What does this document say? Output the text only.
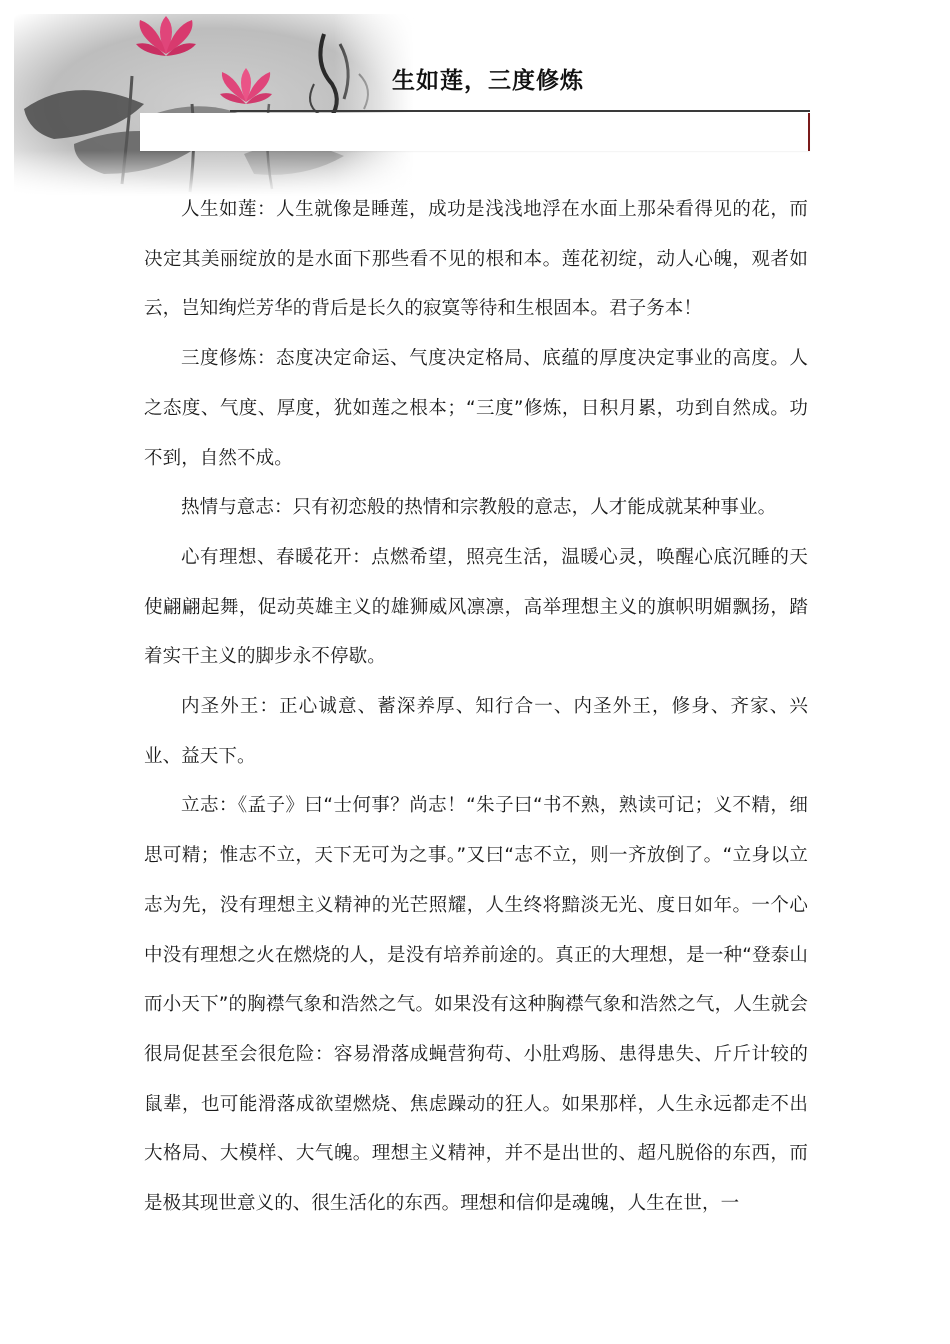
生如莲，三度修炼

人生如莲：人生就像是睡莲，成功是浅浅地浮在水面上那朵看得见的花，而决定其美丽绽放的是水面下那些看不见的根和本。莲花初绽，动人心魄，观者如云，岂知绚烂芳华的背后是长久的寂寞等待和生根固本。君子务本！

三度修炼：态度决定命运、气度决定格局、底蕴的厚度决定事业的高度。人之态度、气度、厚度，犹如莲之根本；“三度”修炼，日积月累，功到自然成。功不到，自然不成。

热情与意志：只有初恋般的热情和宗教般的意志，人才能成就某种事业。

心有理想、春暖花开：点燃希望，照亮生活，温暖心灵，唤醒心底沉睡的天使翩翩起舞，促动英雄主义的雄狮威风凛凛，高举理想主义的旗帜明媚飘扬，踏着实干主义的脚步永不停歇。

内圣外王：正心诚意、蓄深养厚、知行合一、内圣外王，修身、齐家、兴业、益天下。

立志：《孟子》曰“士何事？尚志！“朱子曰“书不熟，熟读可记；义不精，细思可精；惟志不立，天下无可为之事。”又曰“志不立，则一齐放倒了。“立身以立志为先，没有理想主义精神的光芒照耀，人生终将黯淡无光、度日如年。一个心中没有理想之火在燃烧的人，是没有培养前途的。真正的大理想，是一种“登泰山而小天下”的胸襟气象和浩然之气。如果没有这种胸襟气象和浩然之气，人生就会很局促甚至会很危险：容易滑落成蝇营狗苟、小肚鸡肠、患得患失、斤斤计较的鼠辈，也可能滑落成欲望燃烧、焦虑躁动的狂人。如果那样，人生永远都走不出大格局、大模样、大气魄。理想主义精神，并不是出世的、超凡脱俗的东西，而是极其现世意义的、很生活化的东西。理想和信仰是魂魄，人生在世，一
